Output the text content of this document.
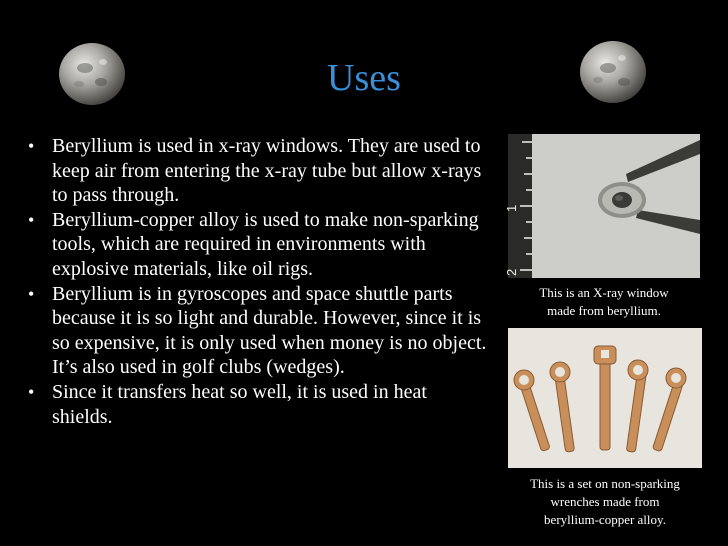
Uses
• Beryllium is used in x-ray windows. They are used to keep air from entering the x-ray tube but allow x-rays to pass through.
• Beryllium-copper alloy is used to make non-sparking tools, which are required in environments with explosive materials, like oil rigs.
• Beryllium is in gyroscopes and space shuttle parts because it is so light and durable. However, since it is so expensive, it is only used when money is no object. It’s also used in golf clubs (wedges).
• Since it transfers heat so well, it is used in heat shields.
1
2
This is an X-ray window
made from beryllium.
This is a set on non-sparking
wrenches made from
beryllium-copper alloy.
